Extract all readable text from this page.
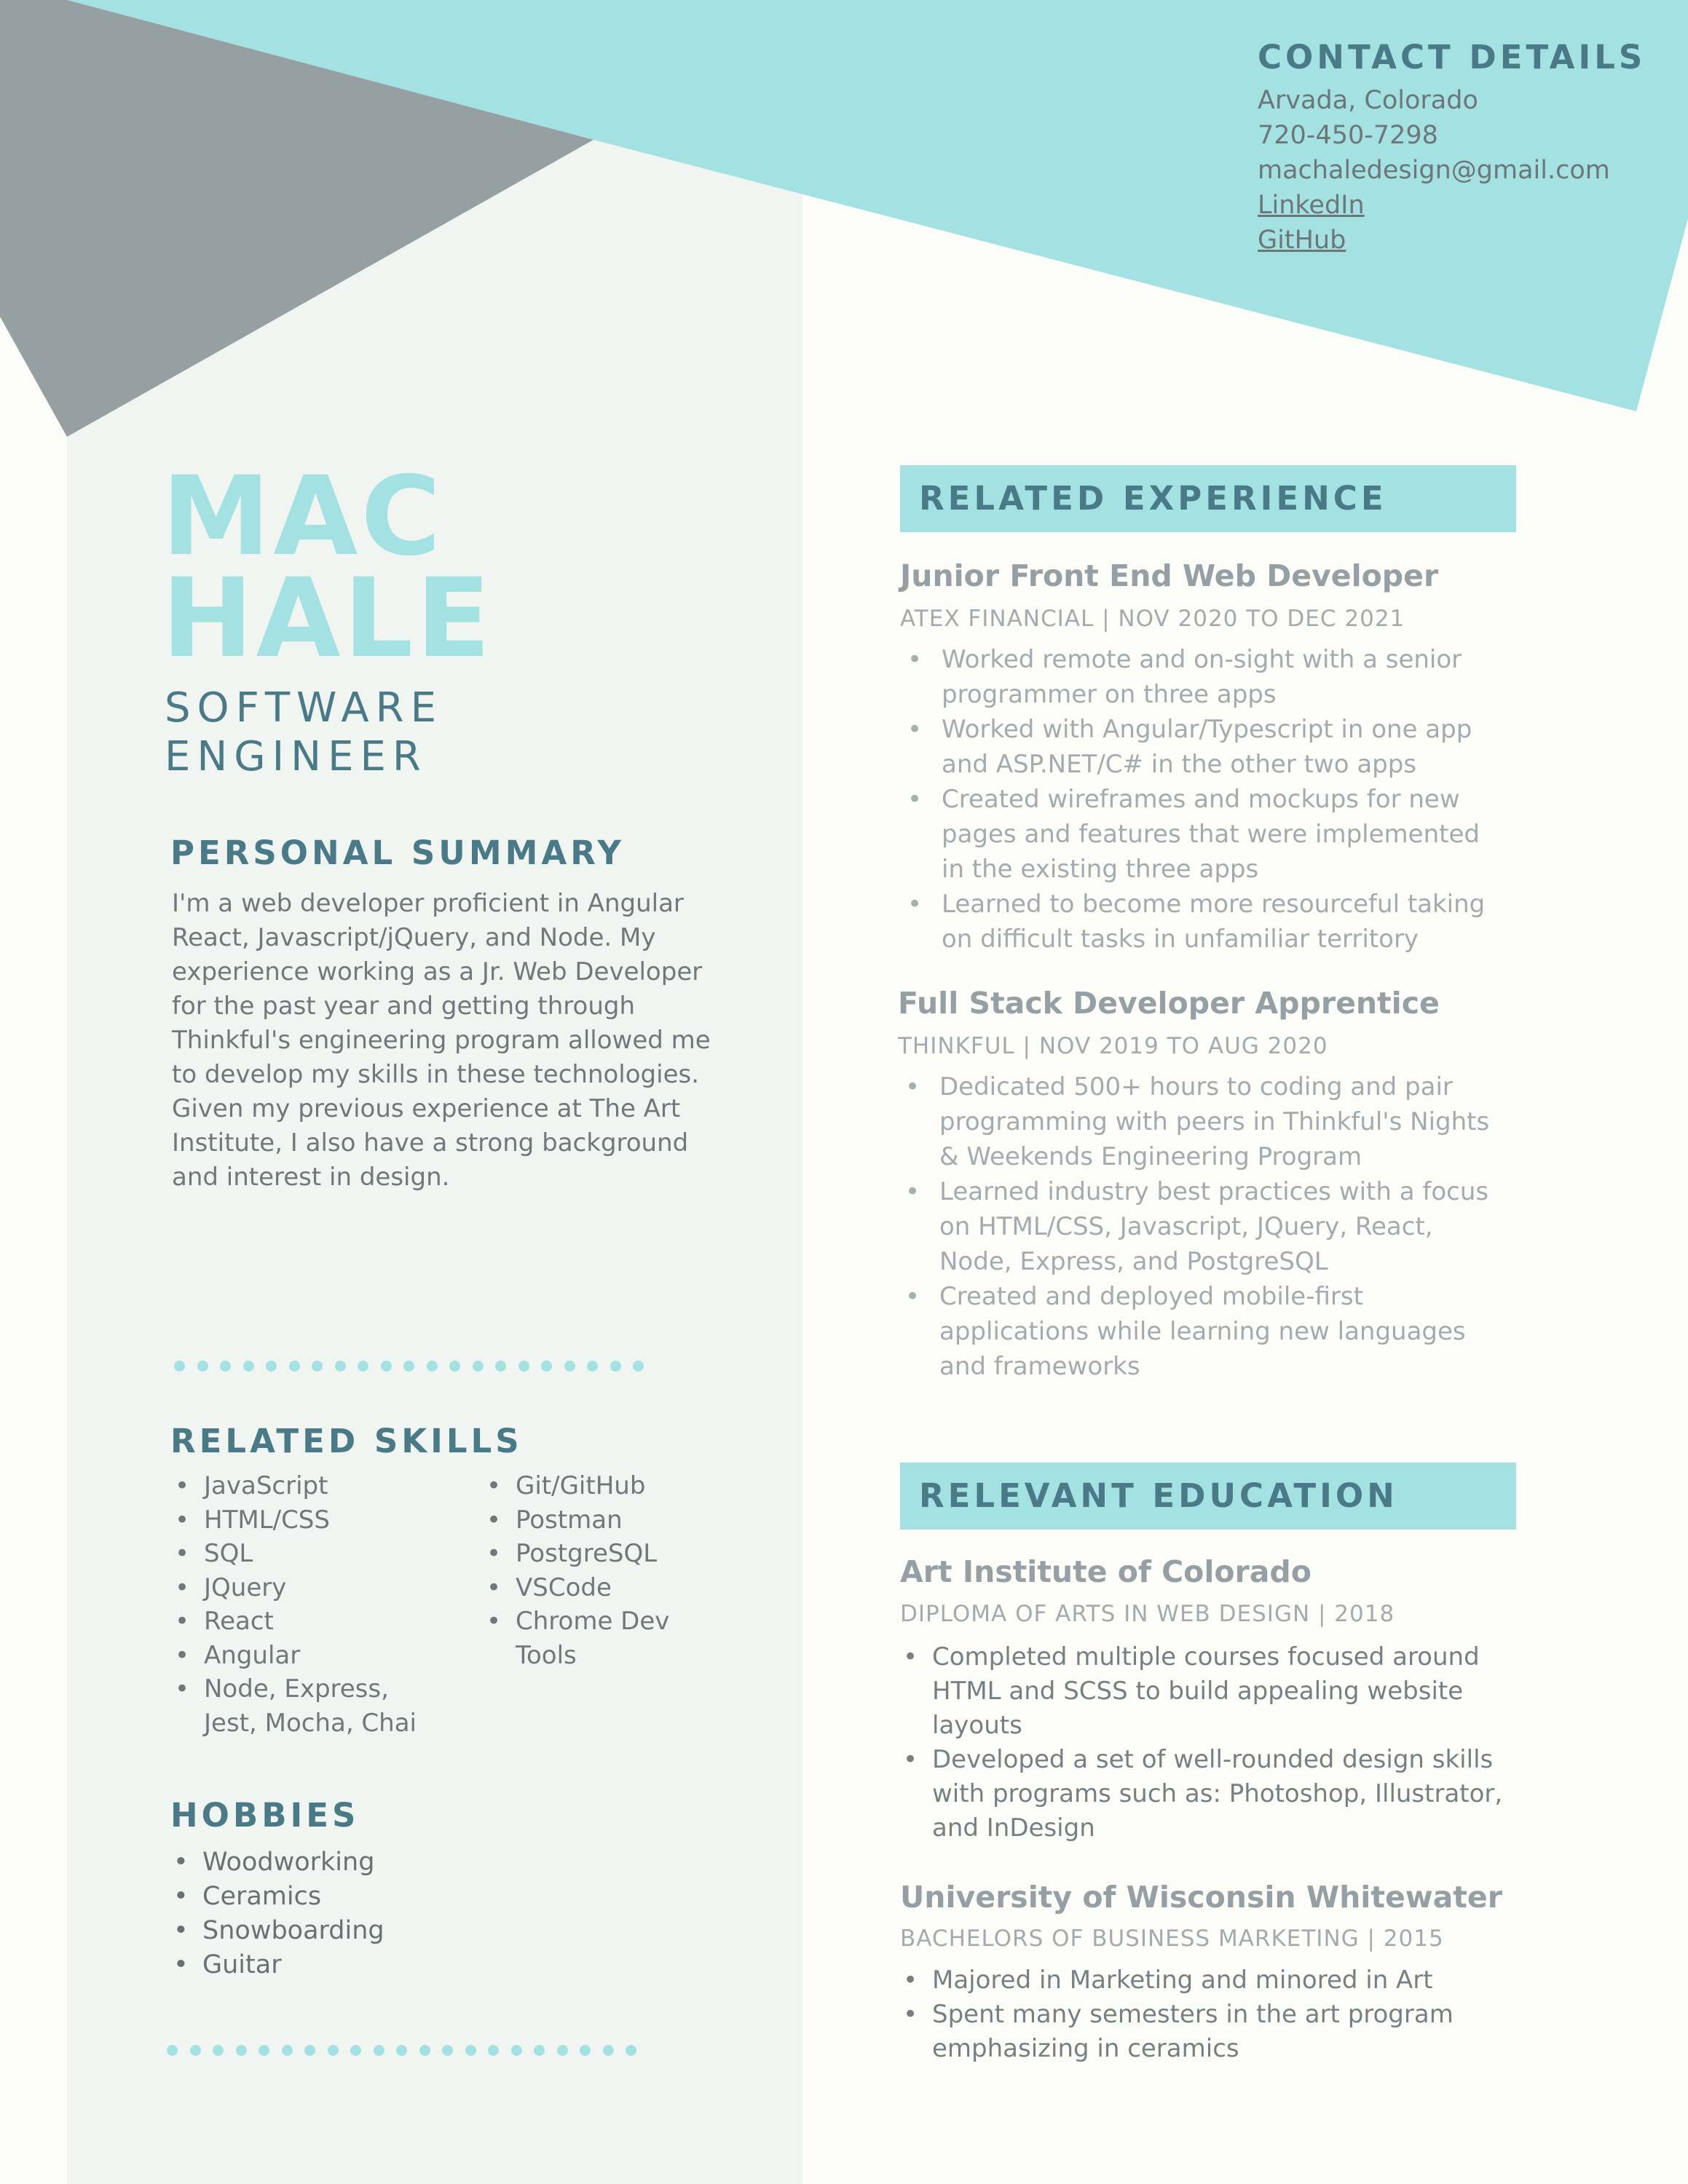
CONTACT DETAILS
Arvada, Colorado
720-450-7298
machaledesign@gmail.com
LinkedIn
GitHub
MAC
HALE
SOFTWARE
ENGINEER
PERSONAL SUMMARY

I'm a web developer proficient in Angular
React, Javascript/jQuery, and Node. My
experience working as a Jr. Web Developer
for the past year and getting through
Thinkful's engineering program allowed me
to develop my skills in these technologies.
Given my previous experience at The Art
Institute, I also have a strong background
and interest in design.

RELATED SKILLS
• JavaScript
• HTML/CSS
• SQL
• JQuery
• React
• Angular
• Node, Express,
Jest, Mocha, Chai
• Git/GitHub
• Postman
• PostgreSQL
• VSCode
• Chrome Dev
Tools
HOBBIES
• Woodworking
• Ceramics
• Snowboarding
• Guitar
RELATED EXPERIENCE
Junior Front End Web Developer
ATEX FINANCIAL | NOV 2020 TO DEC 2021
• Worked remote and on-sight with a senior
programmer on three apps
• Worked with Angular/Typescript in one app
and ASP.NET/C# in the other two apps
• Created wireframes and mockups for new
pages and features that were implemented
in the existing three apps
• Learned to become more resourceful taking
on difficult tasks in unfamiliar territory
Full Stack Developer Apprentice
THINKFUL | NOV 2019 TO AUG 2020
• Dedicated 500+ hours to coding and pair
programming with peers in Thinkful's Nights
& Weekends Engineering Program
• Learned industry best practices with a focus
on HTML/CSS, Javascript, JQuery, React,
Node, Express, and PostgreSQL
• Created and deployed mobile-first
applications while learning new languages
and frameworks
RELEVANT EDUCATION
Art Institute of Colorado
DIPLOMA OF ARTS IN WEB DESIGN | 2018
• Completed multiple courses focused around
HTML and SCSS to build appealing website
layouts
• Developed a set of well-rounded design skills
with programs such as: Photoshop, Illustrator,
and InDesign
University of Wisconsin Whitewater
BACHELORS OF BUSINESS MARKETING | 2015
• Majored in Marketing and minored in Art
• Spent many semesters in the art program
emphasizing in ceramics
